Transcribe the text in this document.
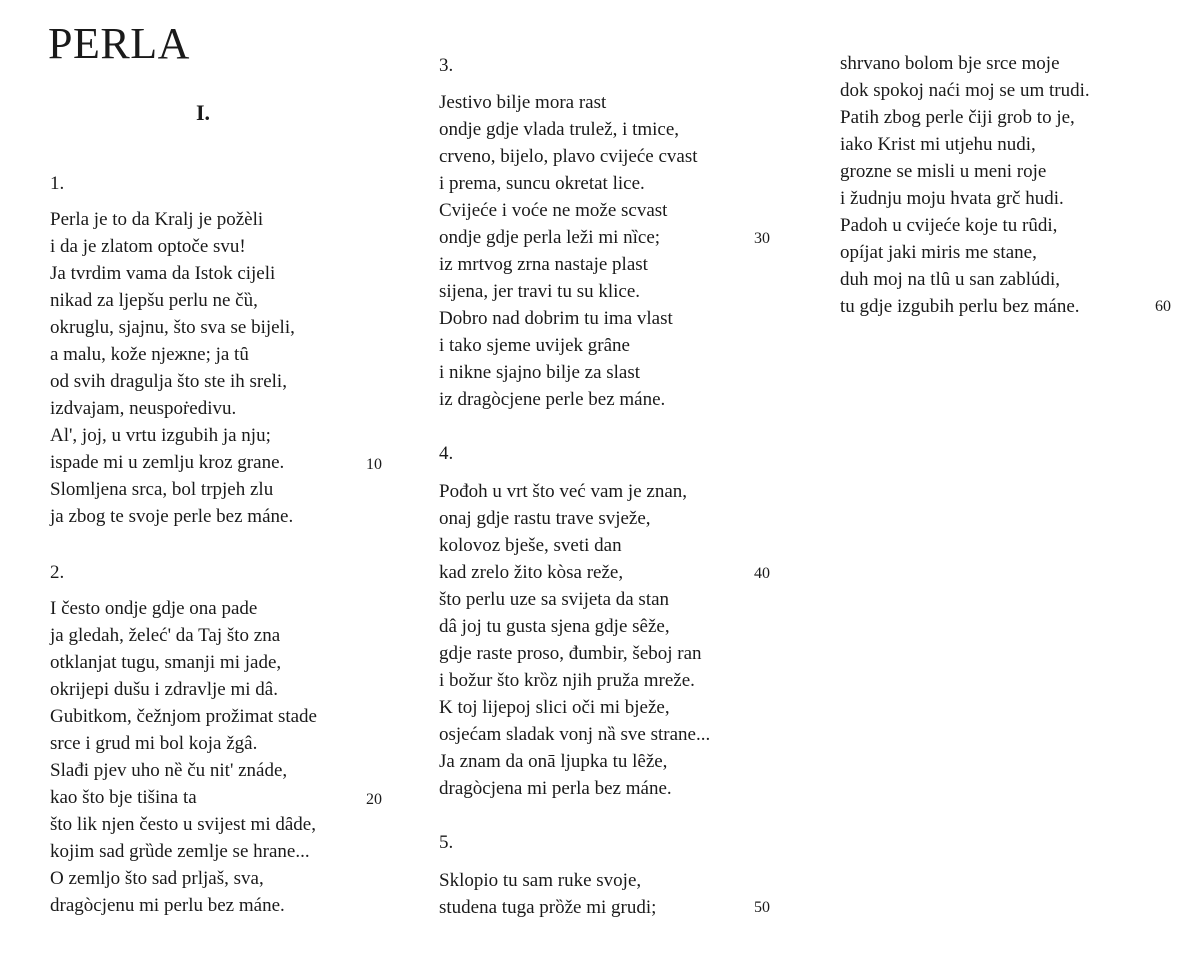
PERLA
I.
1.
Perla je to da Kralj je požèli
i da je zlatom optoče svu!
Ja tvrdim vama da Istok cijeli
nikad za ljepšu perlu ne čȕ,
okruglu, sjajnu, što sva se bijeli,
a malu, kože njежne; ja tȗ
od svih dragulja što ste ih sreli,
izdvajam, neuspoṙedivu.
Al', joj, u vrtu izgubih ja nju;
ispade mi u zemlju kroz grane.
Slomljena srca, bol trpjeh zlu
ja zbog te svoje perle bez máne.
10
2.
I često ondje gdje ona pade
ja gledah, želeć' da Taj što zna
otklanjat tugu, smanji mi jade,
okrijepi dušu i zdravlje mi dâ.
Gubitkom, čežnjom prožimat stade
srce i grud mi bol koja žgâ.
Slađi pjev uho nȅ ču nit' znáde,
kao što bje tišina ta
što lik njen često u svijest mi dȃde,
kojim sad grȕde zemlje se hrane...
O zemljo što sad prljaš, sva,
dragòcjenu mi perlu bez máne.
20
3.
Jestivo bilje mora rast
ondje gdje vlada trulež, i tmice,
crveno, bijelo, plavo cvijeće cvast
i prema, suncu okretat lice.
Cvijeće i voće ne može scvast
ondje gdje perla leži mi nȉce;
iz mrtvog zrna nastaje plast
sijena, jer travi tu su klice.
Dobro nad dobrim tu ima vlast
i tako sjeme uvijek grȃne
i nikne sjajno bilje za slast
iz dragòcjene perle bez máne.
30
4.
Pođoh u vrt što već vam je znan,
onaj gdje rastu trave svježe,
kolovoz bješe, sveti dan
kad zrelo žito kòsa reže,
što perlu uze sa svijeta da stan
dâ joj tu gusta sjena gdje sêže,
gdje raste proso, đumbir, šeboj ran
i božur što krȍz njih pruža mreže.
K toj lijepoj slici oči mi bježe,
osjećam sladak vonj nȁ sve strane...
Ja znam da onā ljupka tu lȇže,
dragòcjena mi perla bez máne.
40
5.
Sklopio tu sam ruke svoje,
studena tuga prȍže mi grudi;	50
shrvano bolom bje srce moje
dok spokoj naći moj se um trudi.
Patih zbog perle čiji grob to je,
iako Krist mi utjehu nudi,
grozne se misli u meni roje
i žudnju moju hvata grč hudi.
Padoh u cvijeće koje tu rȗdi,
opíjat jaki miris me stane,
duh moj na tlȗ u san zablúdi,
tu gdje izgubih perlu bez máne.	60
